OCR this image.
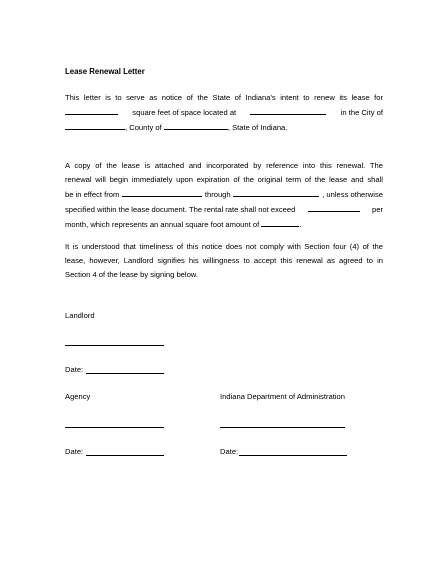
Lease Renewal Letter

This letter is to serve as notice of the State of Indiana's intent to renew its lease for
square feet of space located at	in the City of
, County of	, State of Indiana.
A copy of the lease is attached and incorporated by reference into this renewal. The
renewal will begin immediately upon expiration of the original term of the lease and shall
be in effect from	through	, unless otherwise
specified within the lease document. The rental rate shall not exceed	per
month, which represents an annual square foot amount of	.
It is understood that timeliness of this notice does not comply with Section four (4) of the
lease, however, Landlord signifies his willingness to accept this renewal as agreed to in
Section 4 of the lease by signing below.

Landlord

Date:

Agency	Indiana Department of Administration

Date:	Date:
